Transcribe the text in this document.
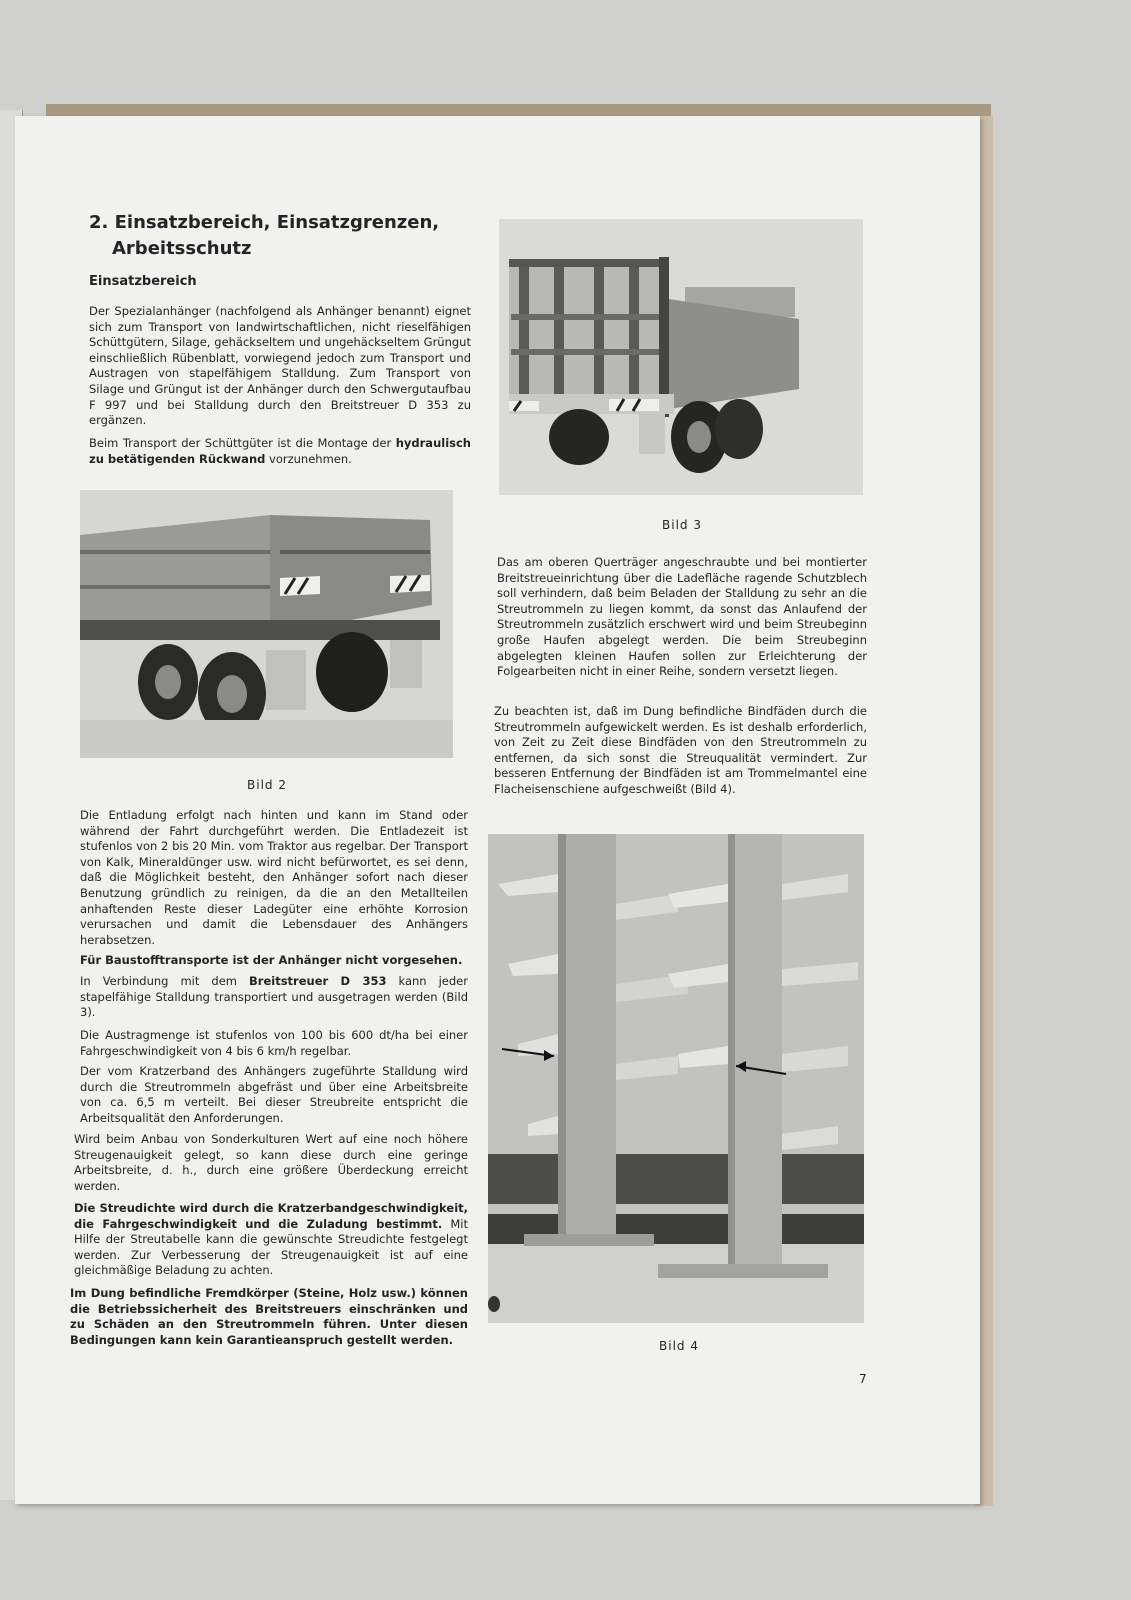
2. Einsatzbereich, Einsatzgrenzen,
Arbeitsschutz
Einsatzbereich
Der Spezialanhänger (nachfolgend als Anhänger benannt) eignet sich zum Transport von landwirtschaftlichen, nicht rieselfähigen Schüttgütern, Silage, gehäckseltem und ungehäckseltem Grüngut einschließlich Rübenblatt, vorwiegend jedoch zum Transport und Austragen von stapelfähigem Stalldung. Zum Transport von Silage und Grüngut ist der Anhänger durch den Schwergutaufbau F 997 und bei Stalldung durch den Breitstreuer D 353 zu ergänzen.
Beim Transport der Schüttgüter ist die Montage der hydraulisch zu betätigenden Rückwand vorzunehmen.
Bild 2
Die Entladung erfolgt nach hinten und kann im Stand oder während der Fahrt durchgeführt werden. Die Entladezeit ist stufenlos von 2 bis 20 Min. vom Traktor aus regelbar. Der Transport von Kalk, Mineraldünger usw. wird nicht befürwortet, es sei denn, daß die Möglichkeit besteht, den Anhänger sofort nach dieser Benutzung gründlich zu reinigen, da die an den Metallteilen anhaftenden Reste dieser Ladegüter eine erhöhte Korrosion verursachen und damit die Lebensdauer des Anhängers herabsetzen.
Für Baustofftransporte ist der Anhänger nicht vorgesehen.
In Verbindung mit dem Breitstreuer D 353 kann jeder stapelfähige Stalldung transportiert und ausgetragen werden (Bild 3).
Die Austragmenge ist stufenlos von 100 bis 600 dt/ha bei einer Fahrgeschwindigkeit von 4 bis 6 km/h regelbar.
Der vom Kratzerband des Anhängers zugeführte Stalldung wird durch die Streutrommeln abgefräst und über eine Arbeitsbreite von ca. 6,5 m verteilt. Bei dieser Streubreite entspricht die Arbeitsqualität den Anforderungen.
Wird beim Anbau von Sonderkulturen Wert auf eine noch höhere Streugenauigkeit gelegt, so kann diese durch eine geringe Arbeitsbreite, d. h., durch eine größere Überdeckung erreicht werden.
Die Streudichte wird durch die Kratzerbandgeschwindigkeit, die Fahrgeschwindigkeit und die Zuladung bestimmt. Mit Hilfe der Streutabelle kann die gewünschte Streudichte festgelegt werden. Zur Verbesserung der Streugenauigkeit ist auf eine gleichmäßige Beladung zu achten.
Im Dung befindliche Fremdkörper (Steine, Holz usw.) können die Betriebssicherheit des Breitstreuers einschränken und zu Schäden an den Streutrommeln führen. Unter diesen Bedingungen kann kein Garantieanspruch gestellt werden.
Bild 3
Das am oberen Querträger angeschraubte und bei montierter Breitstreueinrichtung über die Ladefläche ragende Schutzblech soll verhindern, daß beim Beladen der Stalldung zu sehr an die Streutrommeln zu liegen kommt, da sonst das Anlaufend der Streutrommeln zusätzlich erschwert wird und beim Streubeginn große Haufen abgelegt werden. Die beim Streubeginn abgelegten kleinen Haufen sollen zur Erleichterung der Folgearbeiten nicht in einer Reihe, sondern versetzt liegen.
Zu beachten ist, daß im Dung befindliche Bindfäden durch die Streutrommeln aufgewickelt werden. Es ist deshalb erforderlich, von Zeit zu Zeit diese Bindfäden von den Streutrommeln zu entfernen, da sich sonst die Streuqualität vermindert. Zur besseren Entfernung der Bindfäden ist am Trommelmantel eine Flacheisenschiene aufgeschweißt (Bild 4).
Bild 4
7
